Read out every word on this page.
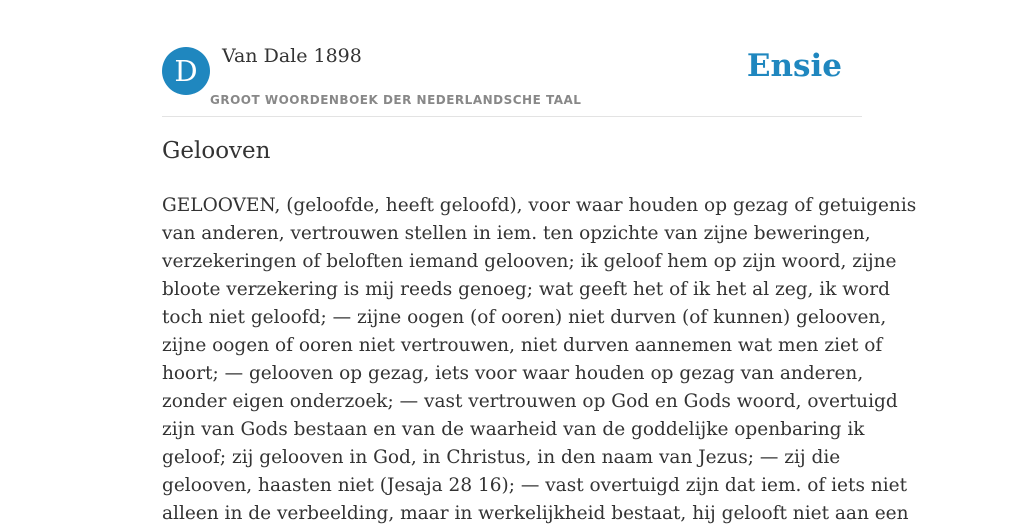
D	Van Dale 1898
GROOT WOORDENBOEK DER NEDERLANDSCHE TAAL
Ensie
Gelooven
GELOOVEN, (geloofde, heeft geloofd), voor waar houden op gezag of getuigenis
van anderen, vertrouwen stellen in iem. ten opzichte van zijne beweringen,
verzekeringen of beloften iemand gelooven; ik geloof hem op zijn woord, zijne
bloote verzekering is mij reeds genoeg; wat geeft het of ik het al zeg, ik word
toch niet geloofd; — zijne oogen (of ooren) niet durven (of kunnen) gelooven,
zijne oogen of ooren niet vertrouwen, niet durven aannemen wat men ziet of
hoort; — gelooven op gezag, iets voor waar houden op gezag van anderen,
zonder eigen onderzoek; — vast vertrouwen op God en Gods woord, overtuigd
zijn van Gods bestaan en van de waarheid van de goddelijke openbaring ik
geloof; zij gelooven in God, in Christus, in den naam van Jezus; — zij die
gelooven, haasten niet (Jesaja 28 16); — vast overtuigd zijn dat iem. of iets niet
alleen in de verbeelding, maar in werkelijkheid bestaat, hij gelooft niet aan een
